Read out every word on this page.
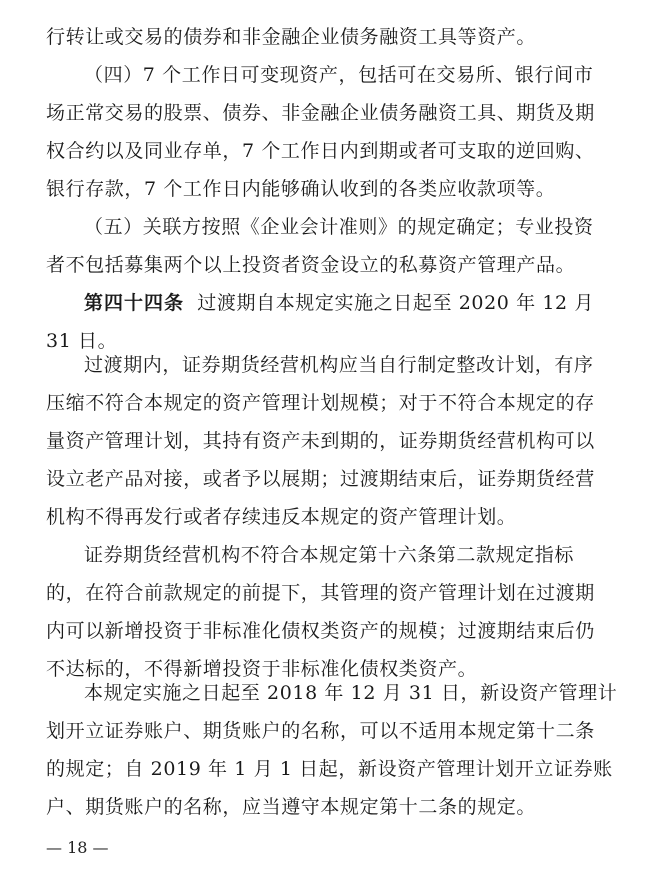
行转让或交易的债券和非金融企业债务融资工具等资产。
（四）7 个工作日可变现资产，包括可在交易所、银行间市
场正常交易的股票、债券、非金融企业债务融资工具、期货及期
权合约以及同业存单，7 个工作日内到期或者可支取的逆回购、
银行存款，7 个工作日内能够确认收到的各类应收款项等。
（五）关联方按照《企业会计准则》的规定确定；专业投资
者不包括募集两个以上投资者资金设立的私募资产管理产品。
第四十四条 过渡期自本规定实施之日起至 2020 年 12 月
31 日。
过渡期内，证券期货经营机构应当自行制定整改计划，有序
压缩不符合本规定的资产管理计划规模；对于不符合本规定的存
量资产管理计划，其持有资产未到期的，证券期货经营机构可以
设立老产品对接，或者予以展期；过渡期结束后，证券期货经营
机构不得再发行或者存续违反本规定的资产管理计划。
证券期货经营机构不符合本规定第十六条第二款规定指标
的，在符合前款规定的前提下，其管理的资产管理计划在过渡期
内可以新增投资于非标准化债权类资产的规模；过渡期结束后仍
不达标的，不得新增投资于非标准化债权类资产。
本规定实施之日起至 2018 年 12 月 31 日，新设资产管理计
划开立证券账户、期货账户的名称，可以不适用本规定第十二条
的规定；自 2019 年 1 月 1 日起，新设资产管理计划开立证券账
户、期货账户的名称，应当遵守本规定第十二条的规定。
— 18 —
